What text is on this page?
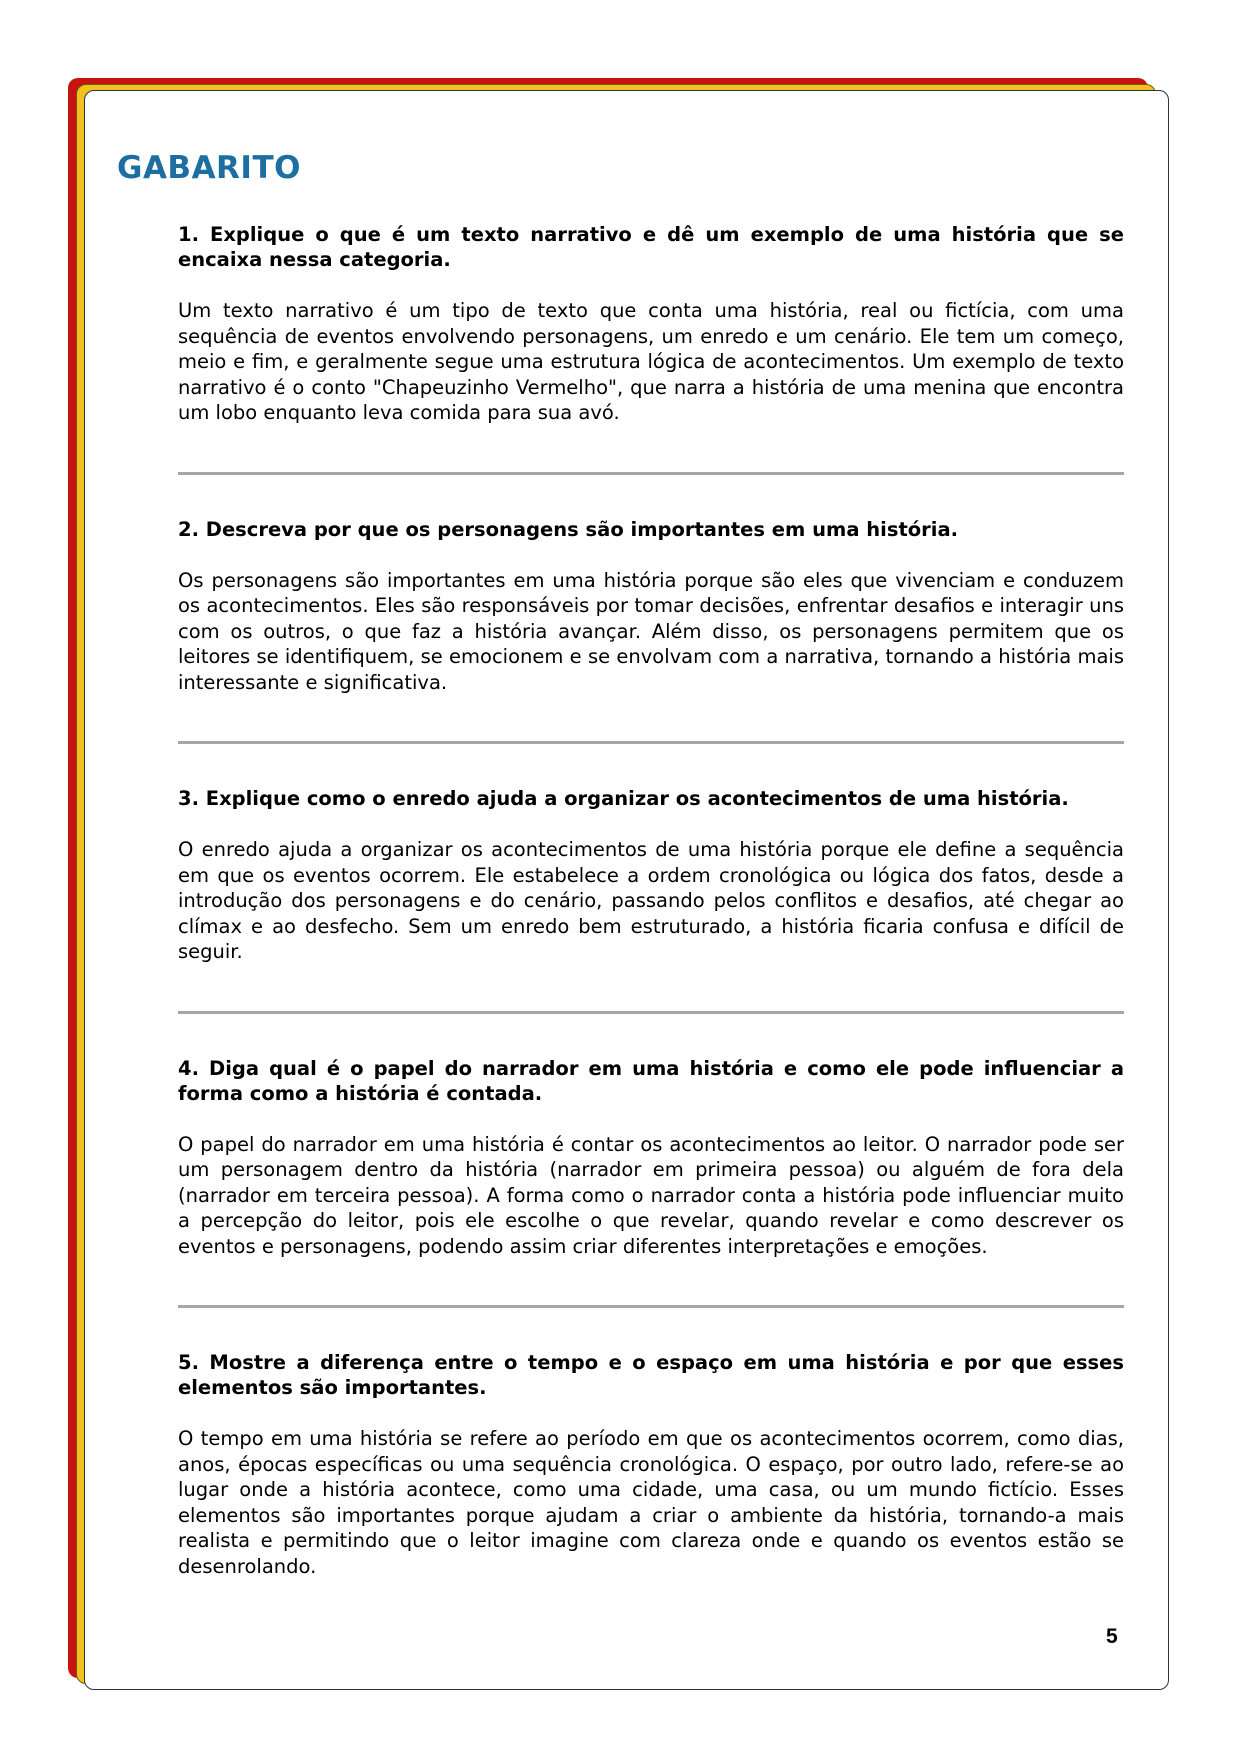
GABARITO

1. Explique o que é um texto narrativo e dê um exemplo de uma história que se encaixa nessa categoria.

Um texto narrativo é um tipo de texto que conta uma história, real ou fictícia, com uma sequência de eventos envolvendo personagens, um enredo e um cenário. Ele tem um começo, meio e fim, e geralmente segue uma estrutura lógica de acontecimentos. Um exemplo de texto narrativo é o conto "Chapeuzinho Vermelho", que narra a história de uma menina que encontra um lobo enquanto leva comida para sua avó.

2. Descreva por que os personagens são importantes em uma história.

Os personagens são importantes em uma história porque são eles que vivenciam e conduzem os acontecimentos. Eles são responsáveis por tomar decisões, enfrentar desafios e interagir uns com os outros, o que faz a história avançar. Além disso, os personagens permitem que os leitores se identifiquem, se emocionem e se envolvam com a narrativa, tornando a história mais interessante e significativa.

3. Explique como o enredo ajuda a organizar os acontecimentos de uma história.

O enredo ajuda a organizar os acontecimentos de uma história porque ele define a sequência em que os eventos ocorrem. Ele estabelece a ordem cronológica ou lógica dos fatos, desde a introdução dos personagens e do cenário, passando pelos conflitos e desafios, até chegar ao clímax e ao desfecho. Sem um enredo bem estruturado, a história ficaria confusa e difícil de seguir.

4. Diga qual é o papel do narrador em uma história e como ele pode influenciar a forma como a história é contada.

O papel do narrador em uma história é contar os acontecimentos ao leitor. O narrador pode ser um personagem dentro da história (narrador em primeira pessoa) ou alguém de fora dela (narrador em terceira pessoa). A forma como o narrador conta a história pode influenciar muito a percepção do leitor, pois ele escolhe o que revelar, quando revelar e como descrever os eventos e personagens, podendo assim criar diferentes interpretações e emoções.

5. Mostre a diferença entre o tempo e o espaço em uma história e por que esses elementos são importantes.

O tempo em uma história se refere ao período em que os acontecimentos ocorrem, como dias, anos, épocas específicas ou uma sequência cronológica. O espaço, por outro lado, refere-se ao lugar onde a história acontece, como uma cidade, uma casa, ou um mundo fictício. Esses elementos são importantes porque ajudam a criar o ambiente da história, tornando-a mais realista e permitindo que o leitor imagine com clareza onde e quando os eventos estão se desenrolando.

5
